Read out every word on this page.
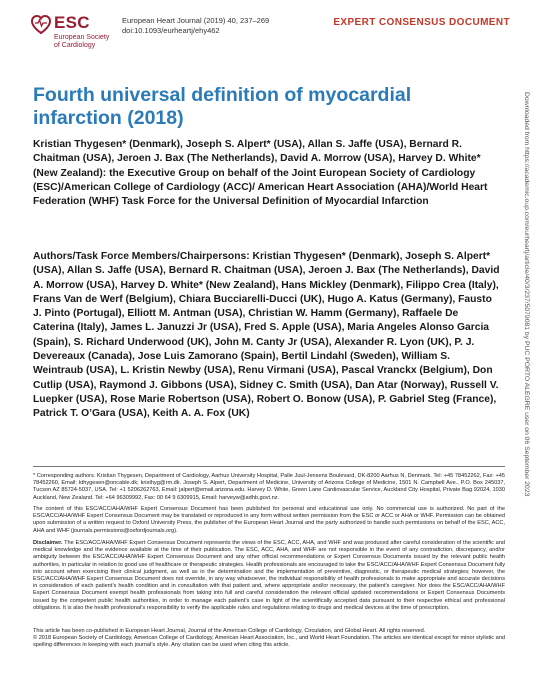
ESC
European Society
of Cardiology
European Heart Journal (2019) 40, 237–269
doi:10.1093/eurheartj/ehy462
EXPERT CONSENSUS DOCUMENT
Fourth universal definition of myocardial infarction (2018)
Kristian Thygesen* (Denmark), Joseph S. Alpert* (USA), Allan S. Jaffe (USA), Bernard R. Chaitman (USA), Jeroen J. Bax (The Netherlands), David A. Morrow (USA), Harvey D. White* (New Zealand): the Executive Group on behalf of the Joint European Society of Cardiology (ESC)/American College of Cardiology (ACC)/ American Heart Association (AHA)/World Heart Federation (WHF) Task Force for the Universal Definition of Myocardial Infarction
Authors/Task Force Members/Chairpersons: Kristian Thygesen* (Denmark), Joseph S. Alpert* (USA), Allan S. Jaffe (USA), Bernard R. Chaitman (USA), Jeroen J. Bax (The Netherlands), David A. Morrow (USA), Harvey D. White* (New Zealand), Hans Mickley (Denmark), Filippo Crea (Italy), Frans Van de Werf (Belgium), Chiara Bucciarelli-Ducci (UK), Hugo A. Katus (Germany), Fausto J. Pinto (Portugal), Elliott M. Antman (USA), Christian W. Hamm (Germany), Raffaele De Caterina (Italy), James L. Januzzi Jr (USA), Fred S. Apple (USA), Maria Angeles Alonso Garcia (Spain), S. Richard Underwood (UK), John M. Canty Jr (USA), Alexander R. Lyon (UK), P. J. Devereaux (Canada), Jose Luis Zamorano (Spain), Bertil Lindahl (Sweden), William S. Weintraub (USA), L. Kristin Newby (USA), Renu Virmani (USA), Pascal Vranckx (Belgium), Don Cutlip (USA), Raymond J. Gibbons (USA), Sidney C. Smith (USA), Dan Atar (Norway), Russell V. Luepker (USA), Rose Marie Robertson (USA), Robert O. Bonow (USA), P. Gabriel Steg (France), Patrick T. O’Gara (USA), Keith A. A. Fox (UK)
* Corresponding authors. Kristian Thygesen, Department of Cardiology, Aarhus University Hospital, Palle Juul-Jensens Boulevard, DK-8200 Aarhus N, Denmark. Tel: +45 78452262, Fax: +45 78452260, Email: kthygesen@oncable.dk; kristhyg@rm.dk. Joseph S. Alpert, Department of Medicine, University of Arizona College of Medicine, 1501 N. Campbell Ave., P.O. Box 245037, Tucson AZ 85724-5037, USA. Tel: +1 5206262763, Email: jalpert@email.arizona.edu. Harvey D. White, Green Lane Cardiovascular Service, Auckland City Hospital, Private Bag 92024, 1030 Auckland, New Zealand. Tel: +64 96309992, Fax: 00 64 9 6309915, Email: harveyw@adhb.govt.nz.
The content of this ESC/ACC/AHA/WHF Expert Consensus Document has been published for personal and educational use only. No commercial use is authorized. No part of the ESC/ACC/AHA/WHF Expert Consensus Document may be translated or reproduced in any form without written permission from the ESC or ACC or AHA or WHF. Permission can be obtained upon submission of a written request to Oxford University Press, the publisher of the European Heart Journal and the party authorized to handle such permissions on behalf of the ESC, ACC, AHA and WHF (journals.permissions@oxfordjournals.org).
Disclaimer. The ESC/ACC/AHA/WHF Expert Consensus Document represents the views of the ESC, ACC, AHA, and WHF and was produced after careful consideration of the scientific and medical knowledge and the evidence available at the time of their publication. The ESC, ACC, AHA, and WHF are not responsible in the event of any contradiction, discrepancy, and/or ambiguity between the ESC/ACC/AHA/WHF Expert Consensus Document and any other official recommendations or Expert Consensus Documents issued by the relevant public health authorities, in particular in relation to good use of healthcare or therapeutic strategies. Health professionals are encouraged to take the ESC/ACC/AHA/WHF Expert Consensus Document fully into account when exercising their clinical judgment, as well as in the determination and the implementation of preventive, diagnostic, or therapeutic medical strategies; however, the ESC/ACC/AHA/WHF Expert Consensus Document does not override, in any way whatsoever, the individual responsibility of health professionals to make appropriate and accurate decisions in consideration of each patient’s health condition and in consultation with that patient and, where appropriate and/or necessary, the patient’s caregiver. Nor does the ESC/ACC/AHA/WHF Expert Consensus Document exempt health professionals from taking into full and careful consideration the relevant official updated recommendations or Expert Consensus Documents issued by the competent public health authorities, in order to manage each patient’s case in light of the scientifically accepted data pursuant to their respective ethical and professional obligations. It is also the health professional’s responsibility to verify the applicable rules and regulations relating to drugs and medical devices at the time of prescription.
This article has been co-published in European Heart Journal, Journal of the American College of Cardiology, Circulation, and Global Heart. All rights reserved.
© 2018 European Society of Cardiology, American College of Cardiology, American Heart Association, Inc., and World Heart Foundation. The articles are identical except for minor stylistic and spelling differences in keeping with each journal’s style. Any citation can be used when citing this article.
Downloaded from https://academic.oup.com/eurheartj/article/40/3/237/5079081 by PUC PORTO ALEGRE user on 06 September 2023
